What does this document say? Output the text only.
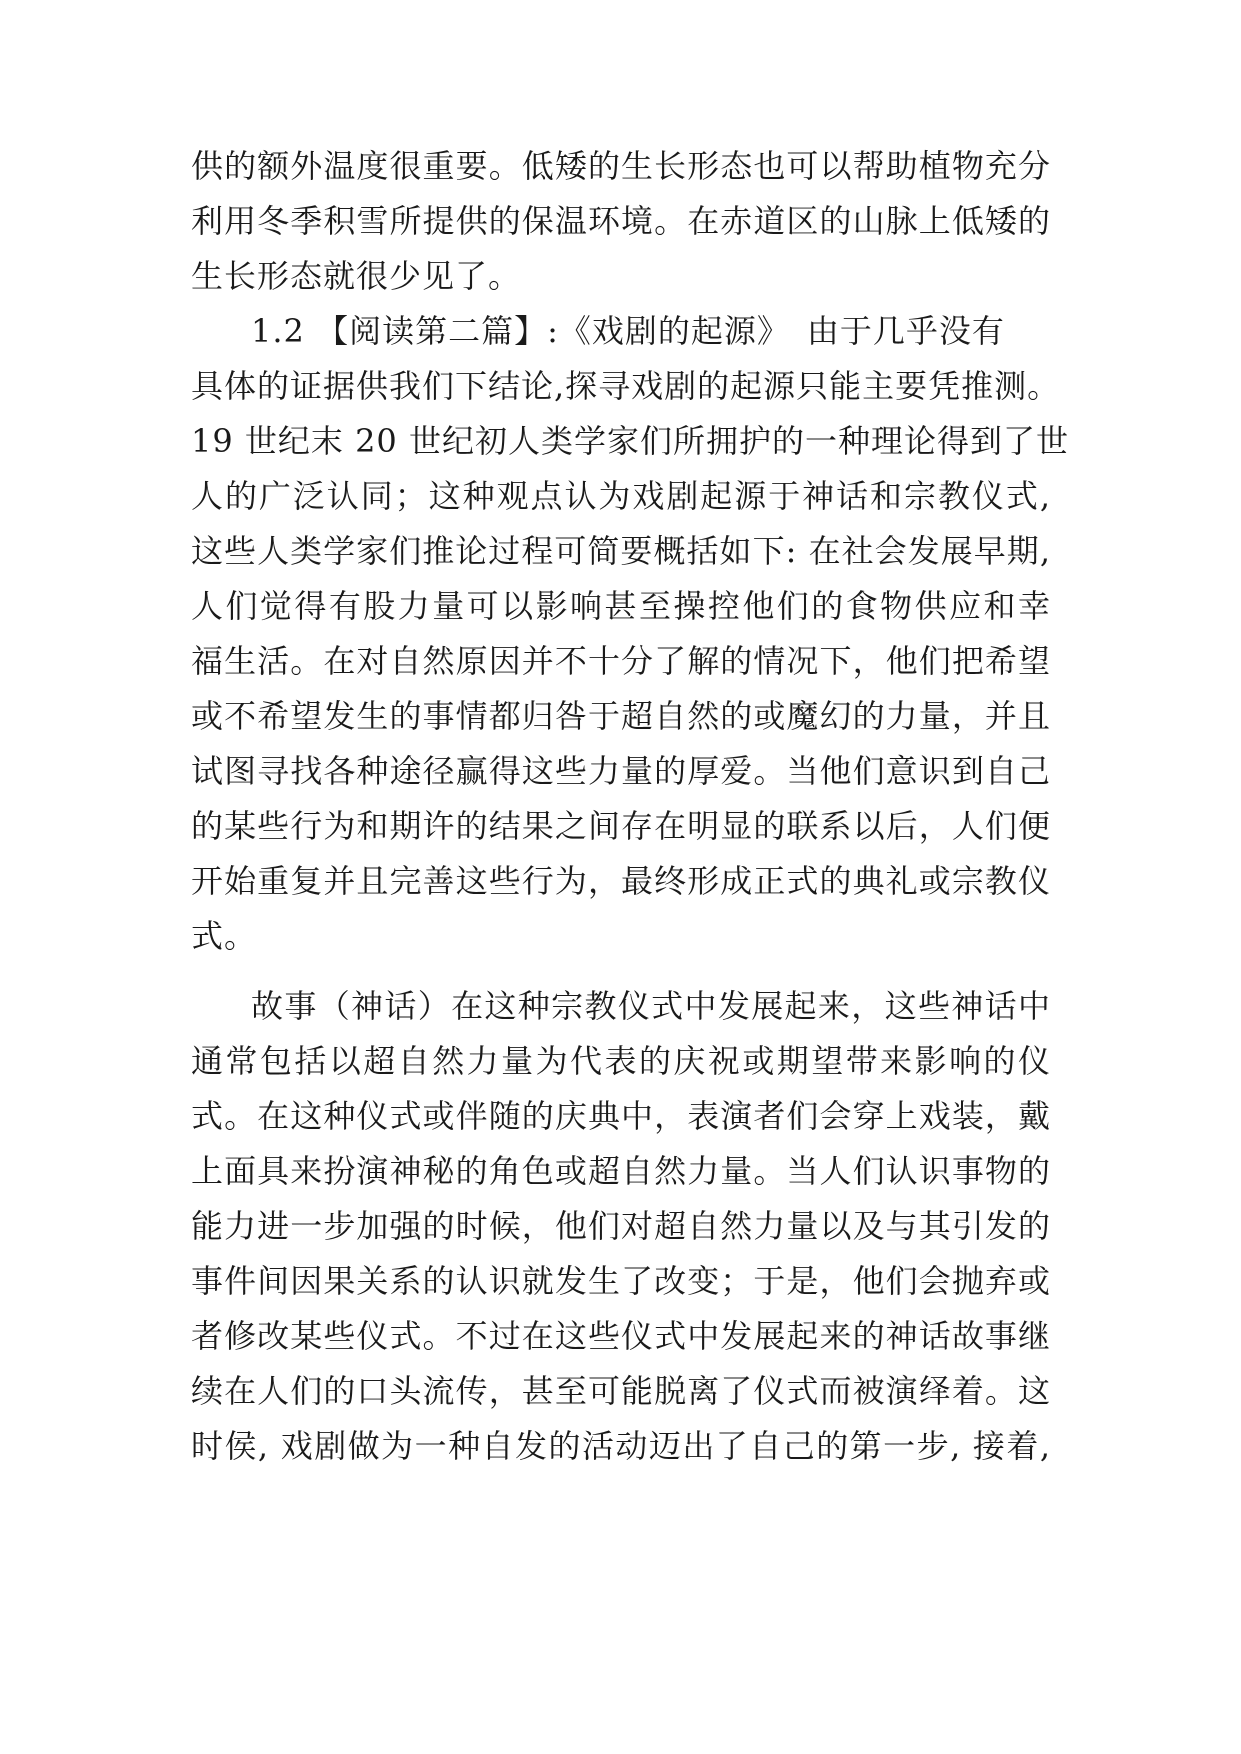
供的额外温度很重要。低矮的生长形态也可以帮助植物充分
利用冬季积雪所提供的保温环境。在赤道区的山脉上低矮的
生长形态就很少见了。
1.2 【阅读第二篇】:《戏剧的起源》　由于几乎没有
具体的证据供我们下结论,探寻戏剧的起源只能主要凭推测。
19 世纪末 20 世纪初人类学家们所拥护的一种理论得到了世
人的广泛认同；这种观点认为戏剧起源于神话和宗教仪式,
这些人类学家们推论过程可简要概括如下: 在社会发展早期,
人们觉得有股力量可以影响甚至操控他们的食物供应和幸
福生活。在对自然原因并不十分了解的情况下，他们把希望
或不希望发生的事情都归咎于超自然的或魔幻的力量，并且
试图寻找各种途径赢得这些力量的厚爱。当他们意识到自己
的某些行为和期许的结果之间存在明显的联系以后，人们便
开始重复并且完善这些行为，最终形成正式的典礼或宗教仪
式。
故事（神话）在这种宗教仪式中发展起来，这些神话中
通常包括以超自然力量为代表的庆祝或期望带来影响的仪
式。在这种仪式或伴随的庆典中，表演者们会穿上戏装，戴
上面具来扮演神秘的角色或超自然力量。当人们认识事物的
能力进一步加强的时候，他们对超自然力量以及与其引发的
事件间因果关系的认识就发生了改变；于是，他们会抛弃或
者修改某些仪式。不过在这些仪式中发展起来的神话故事继
续在人们的口头流传，甚至可能脱离了仪式而被演绎着。这
时侯, 戏剧做为一种自发的活动迈出了自己的第一步, 接着,
